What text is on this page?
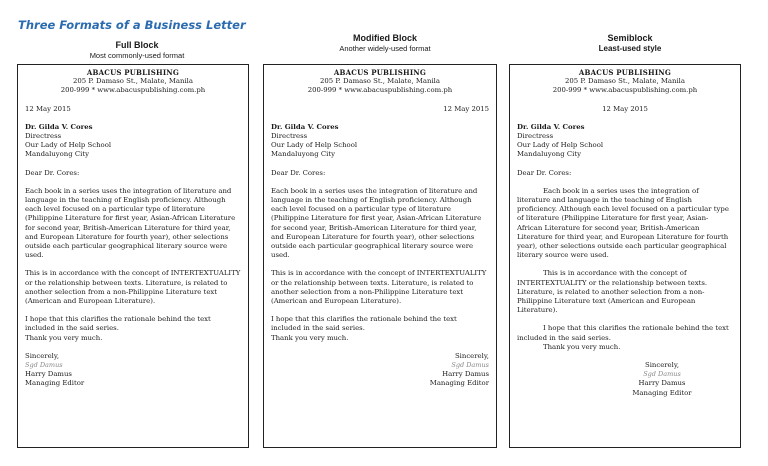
Three Formats of a Business Letter
Full Block
Most commonly-used format
Modified Block
Another widely-used format
Semiblock
Least-used style

ABACUS PUBLISHING

205 P. Damaso St., Malate, Manila

200-999 * www.abacuspublishing.com.ph

12 May 2015

Dr. Gilda V. Cores

Directress

Our Lady of Help School

Mandaluyong City

Dear Dr. Cores:

Each book in a series uses the integration of literature and language in the teaching of English proficiency. Although each level focused on a particular type of literature (Philippine Literature for first year, Asian-African Literature for second year, British-American Literature for third year, and European Literature for fourth year), other selections outside each particular geographical literary source were used.

This is in accordance with the concept of INTERTEXTUALITY or the relationship between texts. Literature, is related to another selection from a non-Philippine Literature text (American and European Literature).

I hope that this clarifies the rationale behind the text included in the said series.

Thank you very much.

Sincerely,

Sgd Damus

Harry Damus

Managing Editor

ABACUS PUBLISHING

205 P. Damaso St., Malate, Manila

200-999 * www.abacuspublishing.com.ph

12 May 2015

Dr. Gilda V. Cores

Directress

Our Lady of Help School

Mandaluyong City

Dear Dr. Cores:

Each book in a series uses the integration of literature and language in the teaching of English proficiency. Although each level focused on a particular type of literature (Philippine Literature for first year, Asian-African Literature for second year, British-American Literature for third year, and European Literature for fourth year), other selections outside each particular geographical literary source were used.

This is in accordance with the concept of INTERTEXTUALITY or the relationship between texts. Literature, is related to another selection from a non-Philippine Literature text (American and European Literature).

I hope that this clarifies the rationale behind the text included in the said series.

Thank you very much.

Sincerely,

Sgd Damus

Harry Damus

Managing Editor

ABACUS PUBLISHING

205 P. Damaso St., Malate, Manila

200-999 * www.abacuspublishing.com.ph

12 May 2015

Dr. Gilda V. Cores

Directress

Our Lady of Help School

Mandaluyong City

Dear Dr. Cores:

Each book in a series uses the integration of literature and language in the teaching of English proficiency. Although each level focused on a particular type of literature (Philippine Literature for first year, Asian-African Literature for second year, British-American Literature for third year, and European Literature for fourth year), other selections outside each particular geographical literary source were used.

This is in accordance with the concept of INTERTEXTUALITY or the relationship between texts. Literature, is related to another selection from a non-Philippine Literature text (American and European Literature).

I hope that this clarifies the rationale behind the text included in the said series.

Thank you very much.

Sincerely,

Sgd Damus

Harry Damus

Managing Editor
